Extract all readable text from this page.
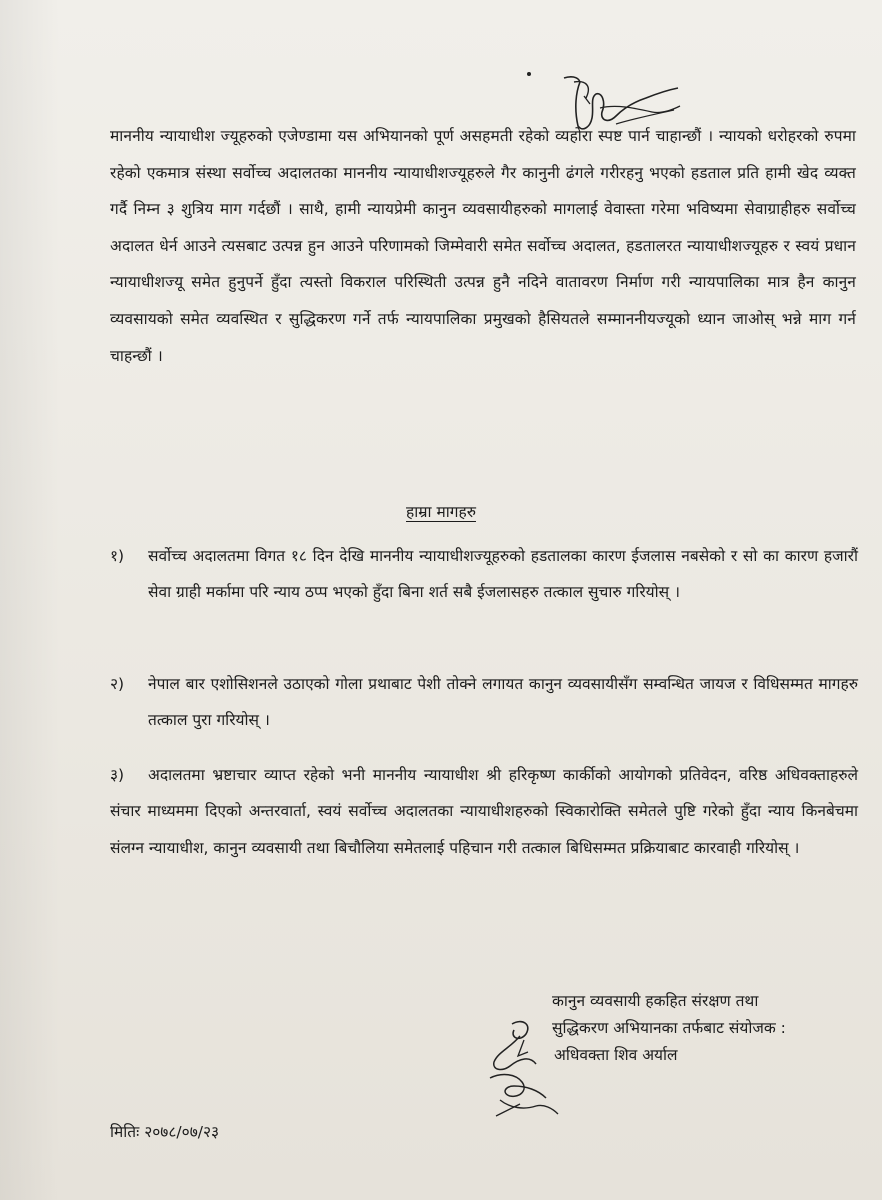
माननीय न्यायाधीश ज्यूहरुको एजेण्डामा यस अभियानको पूर्ण असहमती रहेको व्यहोरा स्पष्ट पार्न चाहान्छौं । न्यायको धरोहरको रुपमा रहेको एकमात्र संस्था सर्वोच्च अदालतका माननीय न्यायाधीशज्यूहरुले गैर कानुनी ढंगले गरीरहनु भएको हडताल प्रति हामी खेद व्यक्त गर्दै निम्न ३ शुत्रिय माग गर्दछौं । साथै, हामी न्यायप्रेमी कानुन व्यवसायीहरुको मागलाई वेवास्ता गरेमा भविष्यमा सेवाग्राहीहरु सर्वोच्च अदालत धेर्न आउने त्यसबाट उत्पन्न हुन आउने परिणामको जिम्मेवारी समेत सर्वोच्च अदालत, हडतालरत न्यायाधीशज्यूहरु र स्वयं प्रधान न्यायाधीशज्यू समेत हुनुपर्ने हुँदा त्यस्तो विकराल परिस्थिती उत्पन्न हुनै नदिने वातावरण निर्माण गरी न्यायपालिका मात्र हैन कानुन व्यवसायको समेत व्यवस्थित र सुद्धिकरण गर्ने तर्फ न्यायपालिका प्रमुखको हैसियतले सम्माननीयज्यूको ध्यान जाओस् भन्ने माग गर्न चाहन्छौं ।
हाम्रा मागहरु
१)	सर्वोच्च अदालतमा विगत १८ दिन देखि माननीय न्यायाधीशज्यूहरुको हडतालका कारण ईजलास नबसेको र सो का कारण हजारौं सेवा ग्राही मर्कामा परि न्याय ठप्प भएको हुँदा बिना शर्त सबै ईजलासहरु तत्काल सुचारु गरियोस् ।
२)	नेपाल बार एशोसिशनले उठाएको गोला प्रथाबाट पेशी तोक्ने लगायत कानुन व्यवसायीसँग सम्वन्धित जायज र विधिसम्मत मागहरु तत्काल पुरा गरियोस् ।
३)	अदालतमा भ्रष्टाचार व्याप्त रहेको भनी माननीय न्यायाधीश श्री हरिकृष्ण कार्कीको आयोगको प्रतिवेदन, वरिष्ठ अधिवक्ताहरुले संचार माध्यममा दिएको अन्तरवार्ता, स्वयं सर्वोच्च अदालतका न्यायाधीशहरुको स्विकारोक्ति समेतले पुष्टि गरेको हुँदा न्याय किनबेचमा संलग्न न्यायाधीश, कानुन व्यवसायी तथा बिचौलिया समेतलाई पहिचान गरी तत्काल बिधिसम्मत प्रक्रियाबाट कारवाही गरियोस् ।
कानुन व्यवसायी हकहित संरक्षण तथा
सुद्धिकरण अभियानका तर्फबाट संयोजक :
अधिवक्ता शिव अर्याल
मितिः २०७८/०७/२३
